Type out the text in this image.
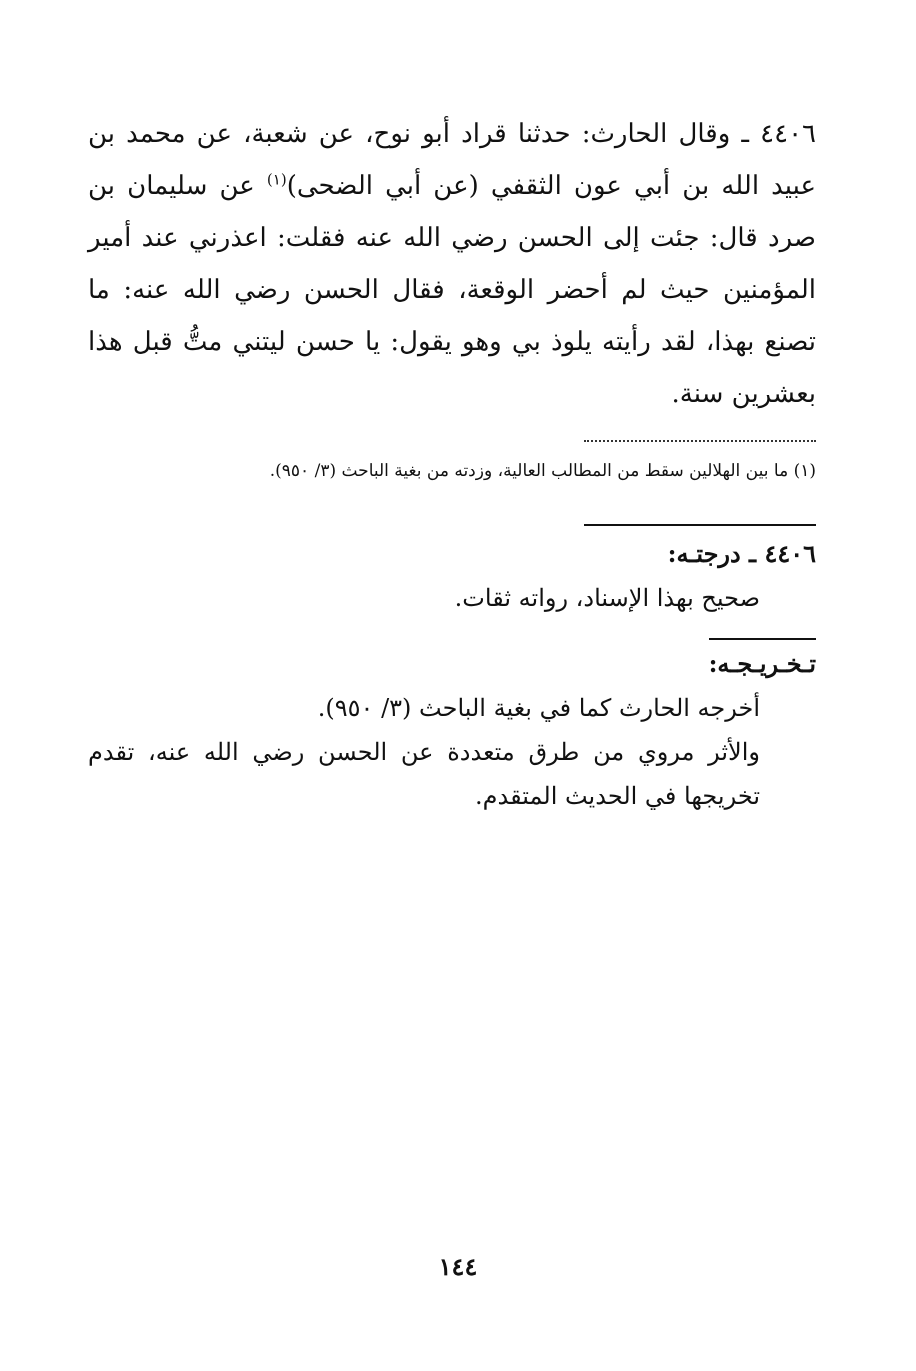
٤٤٠٦ ـ وقال الحارث: حدثنا قراد أبو نوح، عن شعبة، عن محمد بن عبيد الله بن أبي عون الثقفي (عن أبي الضحى)$^{(١)}$ عن سليمان بن صرد قال: جئت إلى الحسن رضي الله عنه فقلت: اعذرني عند أمير المؤمنين حيث لم أحضر الوقعة، فقال الحسن رضي الله عنه: ما تصنع بهذا، لقد رأيته يلوذ بي وهو يقول: يا حسن ليتني متُّ قبل هذا بعشرين سنة.

(١) ما بين الهلالين سقط من المطالب العالية، وزدته من بغية الباحث (٣/ ٩٥٠).

٤٤٠٦ ـ درجتـه:

صحيح بهذا الإسناد، رواته ثقات.

تـخـريـجـه:

أخرجه الحارث كما في بغية الباحث (٣/ ٩٥٠).

والأثر مروي من طرق متعددة عن الحسن رضي الله عنه، تقدم تخريجها في الحديث المتقدم.

١٤٤
